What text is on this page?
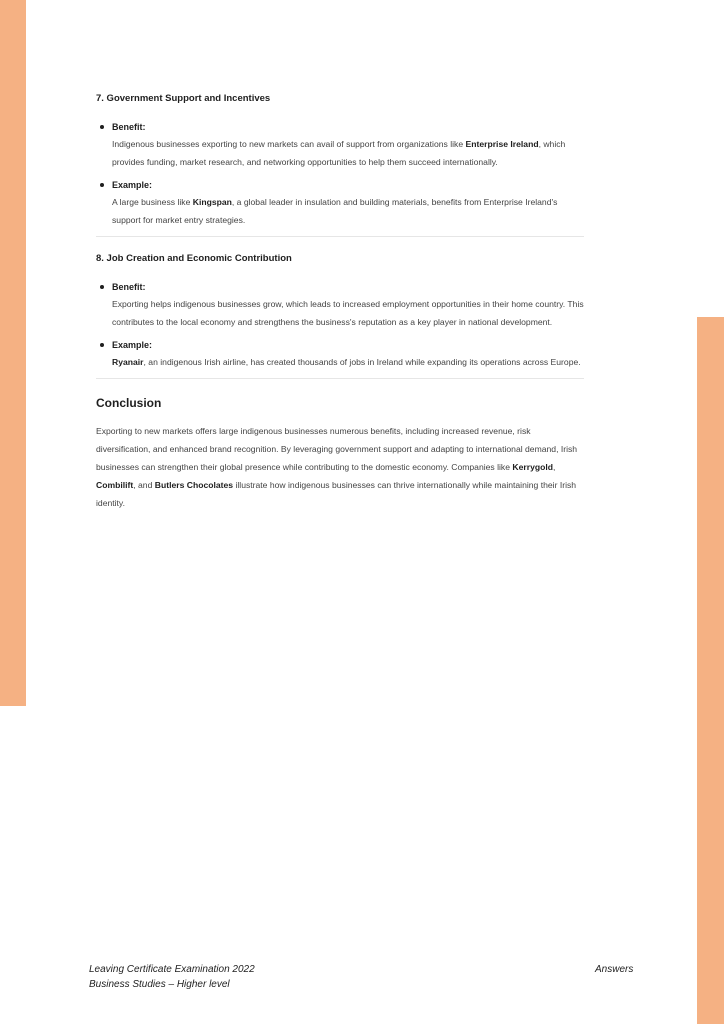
7. Government Support and Incentives
Benefit:
Indigenous businesses exporting to new markets can avail of support from organizations like Enterprise Ireland, which provides funding, market research, and networking opportunities to help them succeed internationally.
Example:
A large business like Kingspan, a global leader in insulation and building materials, benefits from Enterprise Ireland's support for market entry strategies.
8. Job Creation and Economic Contribution
Benefit:
Exporting helps indigenous businesses grow, which leads to increased employment opportunities in their home country. This contributes to the local economy and strengthens the business's reputation as a key player in national development.
Example:
Ryanair, an indigenous Irish airline, has created thousands of jobs in Ireland while expanding its operations across Europe.
Conclusion

Exporting to new markets offers large indigenous businesses numerous benefits, including increased revenue, risk diversification, and enhanced brand recognition. By leveraging government support and adapting to international demand, Irish businesses can strengthen their global presence while contributing to the domestic economy. Companies like Kerrygold, Combilift, and Butlers Chocolates illustrate how indigenous businesses can thrive internationally while maintaining their Irish identity.

Leaving Certificate Examination 2022
Business Studies – Higher level
Answers
